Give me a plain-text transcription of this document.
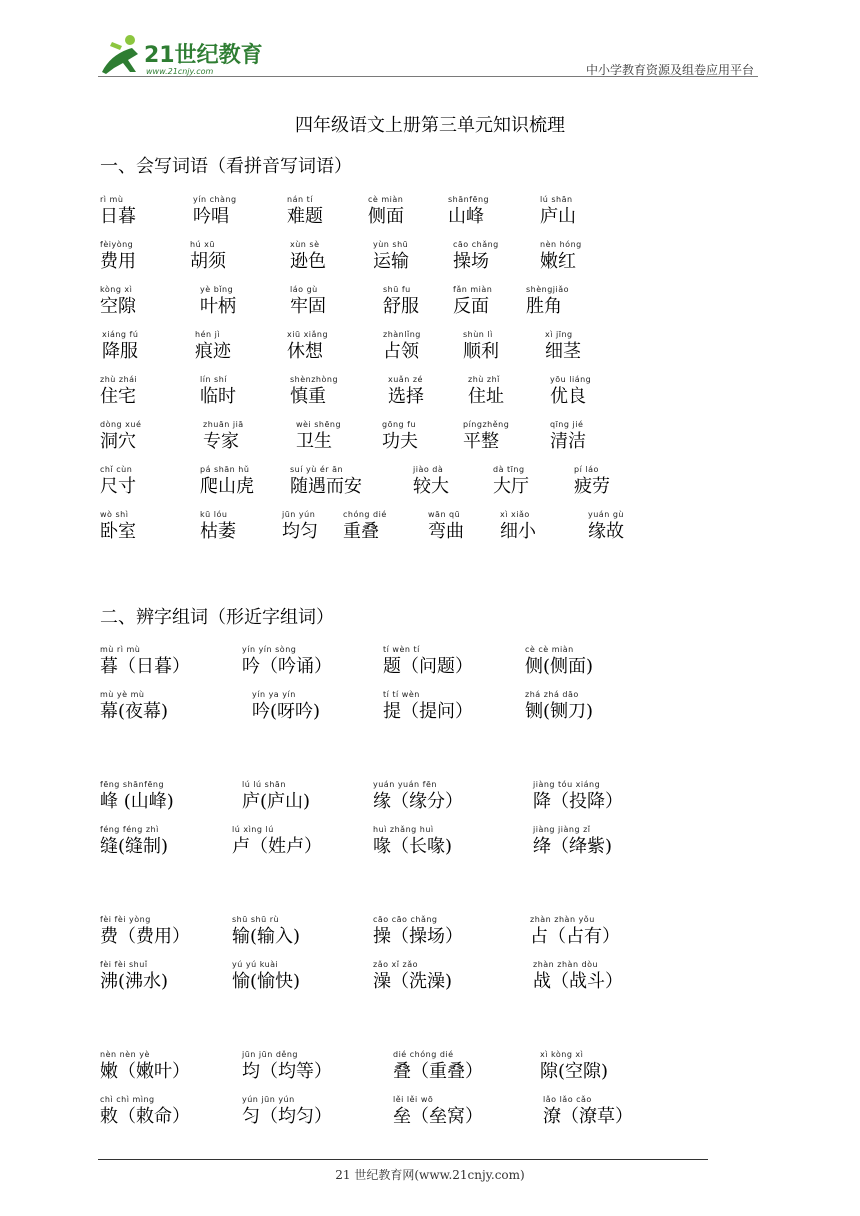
21世纪教育
www.21cnjy.com	中小学教育资源及组卷应用平台
四年级语文上册第三单元知识梳理
一、会写词语（看拼音写词语）
rì mù
日暮
yín chàng
吟唱
nán tí
难题
cè miàn
侧面
shānfēng
山峰
lú shān
庐山
fèiyòng
费用
hú xū
胡须
xùn sè
逊色
yùn shū
运输
cāo chǎng
操场
nèn hóng
嫩红
kòng xì
空隙
yè bǐng
叶柄
láo gù
牢固
shū fu
舒服
fǎn miàn
反面
shèngjiǎo
胜角
xiáng fú
降服
hén jì
痕迹
xiū xiǎng
休想
zhànlǐng
占领
shùn lì
顺利
xì jīng
细茎
zhù zhái
住宅
lín shí
临时
shènzhòng
慎重
xuǎn zé
选择
zhù zhǐ
住址
yōu liáng
优良
dòng xué
洞穴
zhuān jiā
专家
wèi shēng
卫生
gōng fu
功夫
píngzhěng
平整
qīng jié
清洁
chǐ cùn
尺寸
pá shān hǔ
爬山虎
suí yù ér ān
随遇而安
jiào dà
较大
dà tīng
大厅
pí láo
疲劳
wò shì
卧室
kū lóu
枯萎
jūn yún
均匀
chóng dié
重叠
wān qū
弯曲
xì xiǎo
细小
yuán gù
缘故
二、辨字组词（形近字组词）
mù rì mù
暮（日暮）
yín yín sòng
吟（吟诵）
tí wèn tí
题（问题）
cè cè miàn
侧(侧面)
mù yè mù
幕(夜幕)
yín ya yín
吟(呀吟)
tí tí wèn
提（提问）
zhá zhá dāo
铡(铡刀)
fēng shānfēng
峰 (山峰)
lú lú shān
庐(庐山)
yuán yuán fēn
缘（缘分）
jiàng tóu xiáng
降（投降）
féng féng zhì
缝(缝制)
lú xìng lú
卢（姓卢）
huì zhǎng huì
喙（长喙)
jiàng jiàng zǐ
绛（绛紫)
fèi fèi yòng
费（费用）
shū shū rù
输(输入)
cāo cāo chǎng
操（操场）
zhàn zhàn yǒu
占（占有）
fèi fèi shuǐ
沸(沸水)
yú yú kuài
愉(愉快)
zǎo xǐ zǎo
澡（洗澡)
zhàn zhàn dòu
战（战斗）
nèn nèn yè
嫩（嫩叶）
jūn jūn děng
均（均等）
dié chóng dié
叠（重叠）
xì kòng xì
隙(空隙)
chì chì mìng
敕（敕命）
yún jūn yún
匀（均匀）
lěi lěi wō
垒（垒窝）
lǎo lǎo cǎo
潦（潦草）
21 世纪教育网(www.21cnjy.com)
